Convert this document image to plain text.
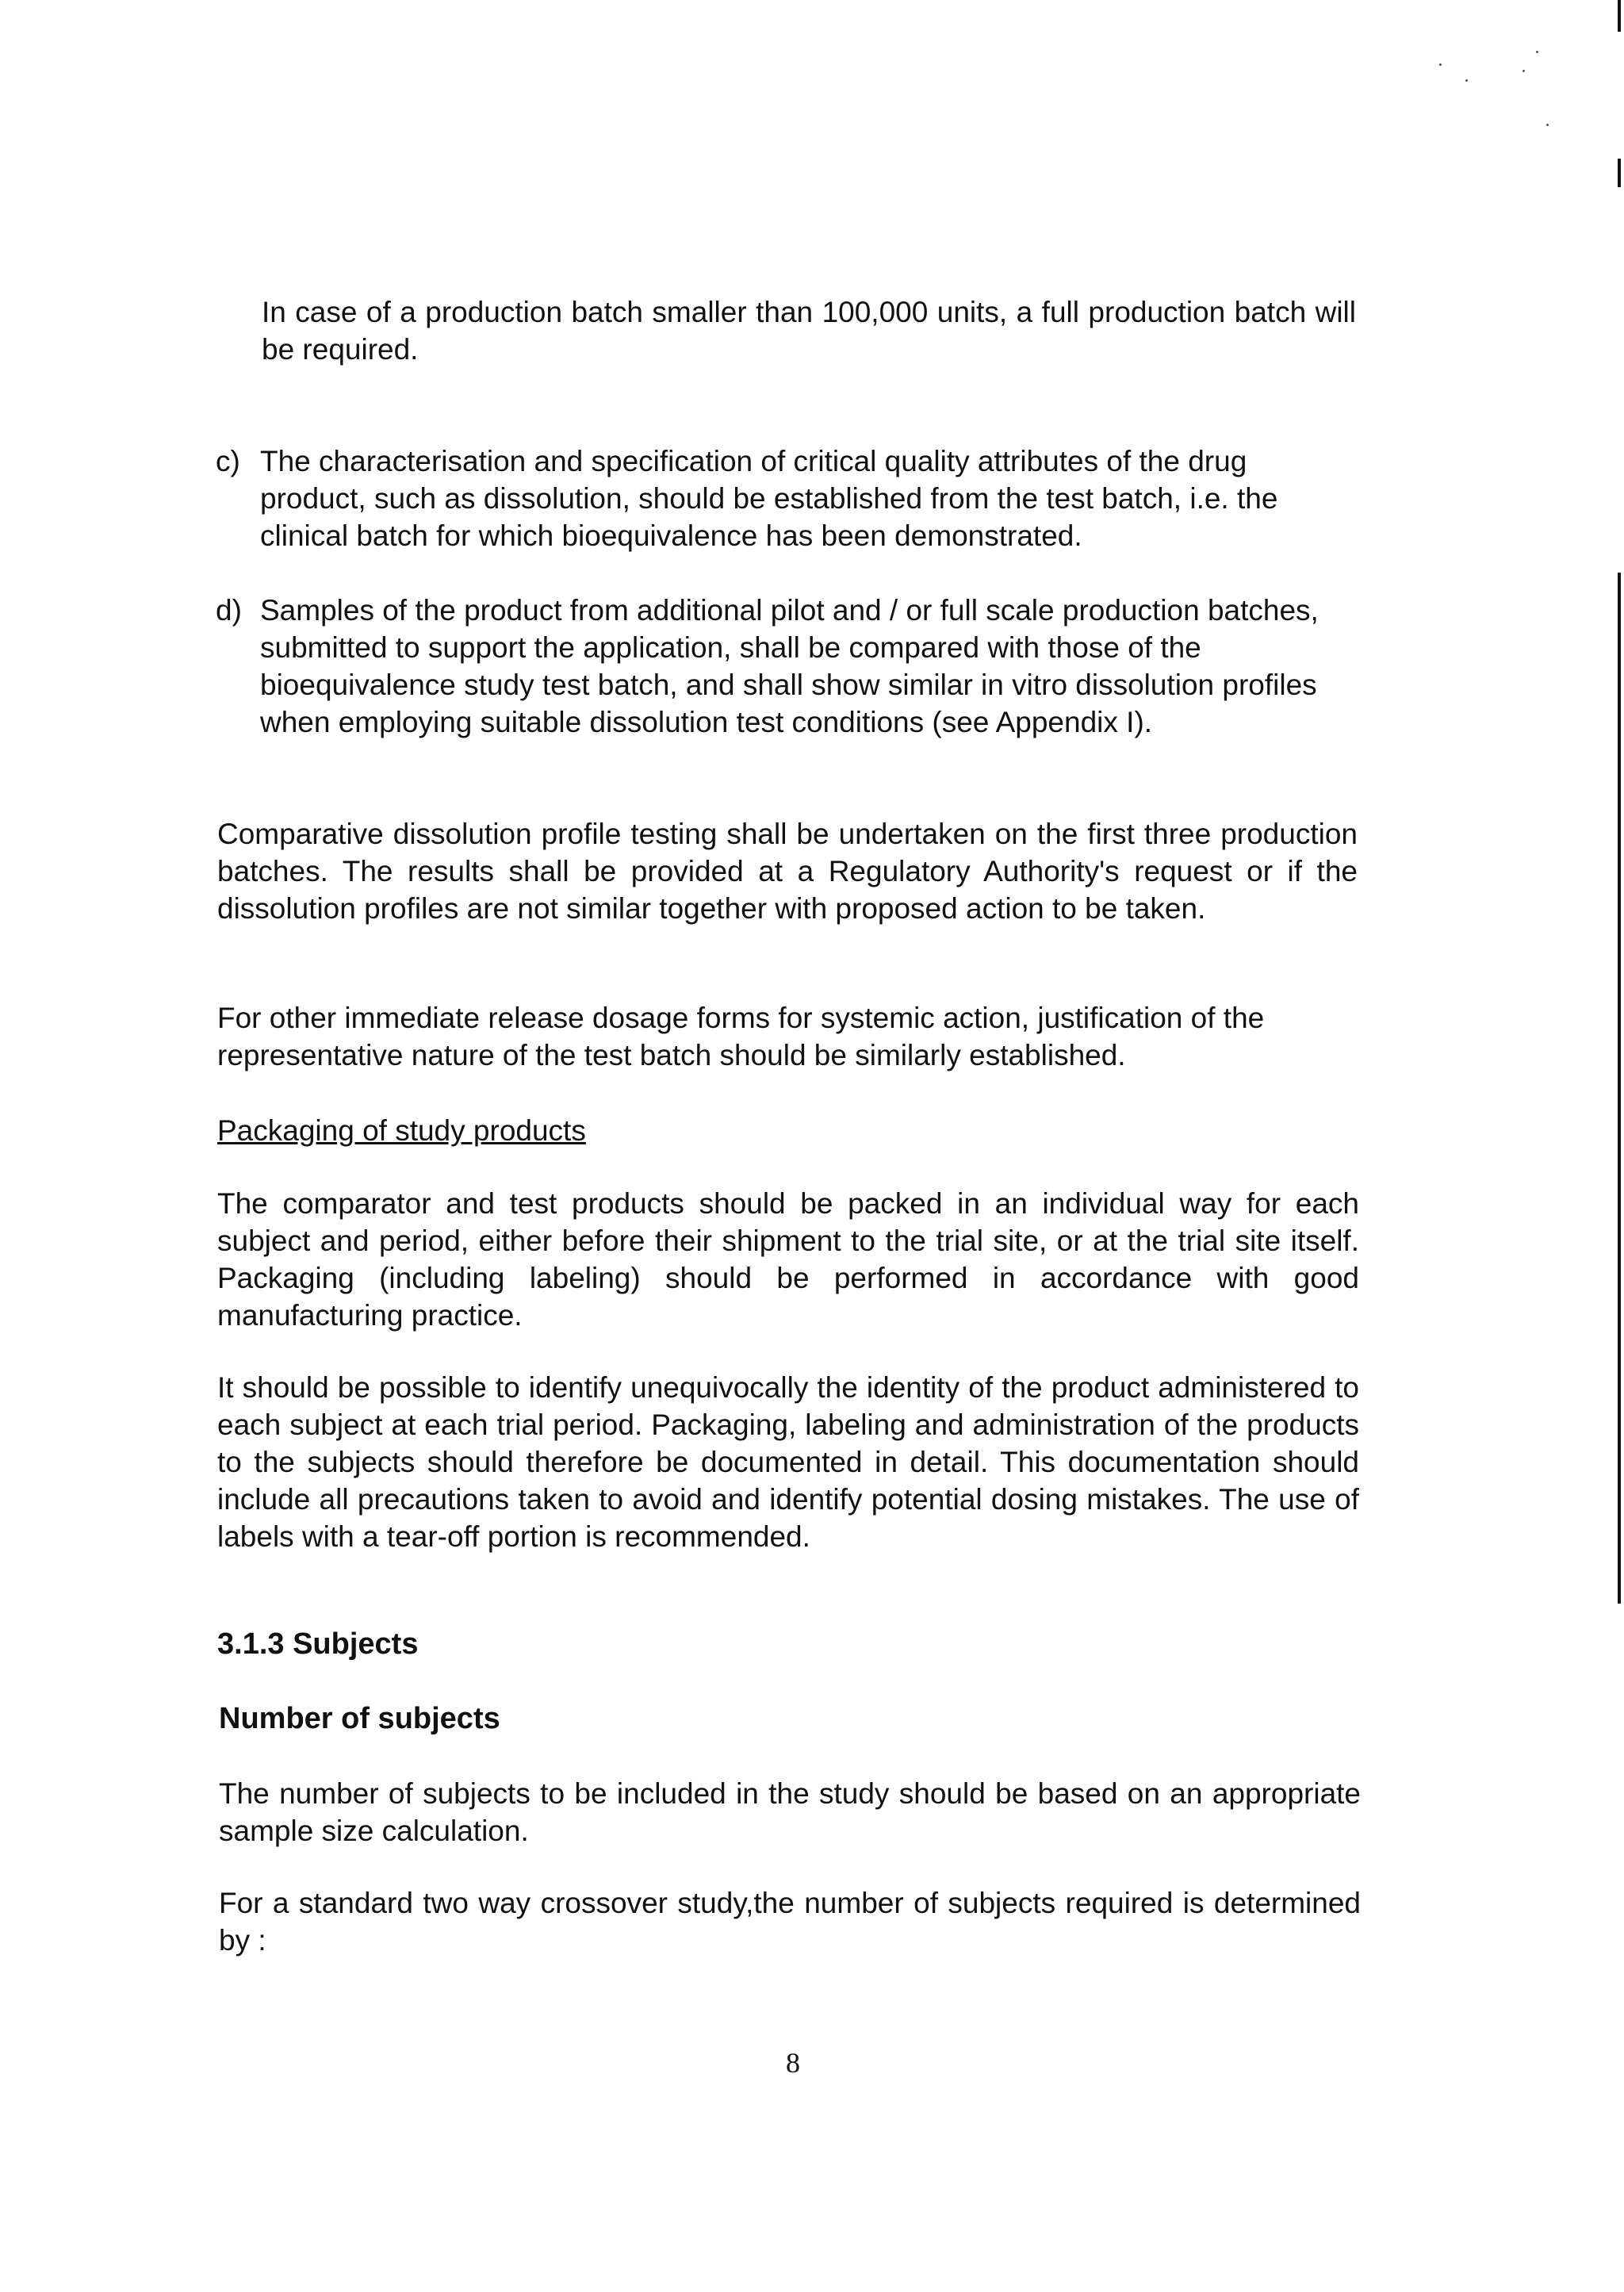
In case of a production batch smaller than 100,000 units, a full production batch will be required.

c) The characterisation and specification of critical quality attributes of the drug product, such as dissolution, should be established from the test batch, i.e. the clinical batch for which bioequivalence has been demonstrated.
d) Samples of the product from additional pilot and / or full scale production batches, submitted to support the application, shall be compared with those of the bioequivalence study test batch, and shall show similar in vitro dissolution profiles when employing suitable dissolution test conditions (see Appendix I).

Comparative dissolution profile testing shall be undertaken on the first three production batches. The results shall be provided at a Regulatory Authority's request or if the dissolution profiles are not similar together with proposed action to be taken.

For other immediate release dosage forms for systemic action, justification of the representative nature of the test batch should be similarly established.

Packaging of study products

The comparator and test products should be packed in an individual way for each subject and period, either before their shipment to the trial site, or at the trial site itself. Packaging (including labeling) should be performed in accordance with good manufacturing practice.

It should be possible to identify unequivocally the identity of the product administered to each subject at each trial period. Packaging, labeling and administration of the products to the subjects should therefore be documented in detail. This documentation should include all precautions taken to avoid and identify potential dosing mistakes. The use of labels with a tear-off portion is recommended.

3.1.3 Subjects
Number of subjects

The number of subjects to be included in the study should be based on an appropriate sample size calculation.

For a standard two way crossover study,the number of subjects required is determined by :

8
